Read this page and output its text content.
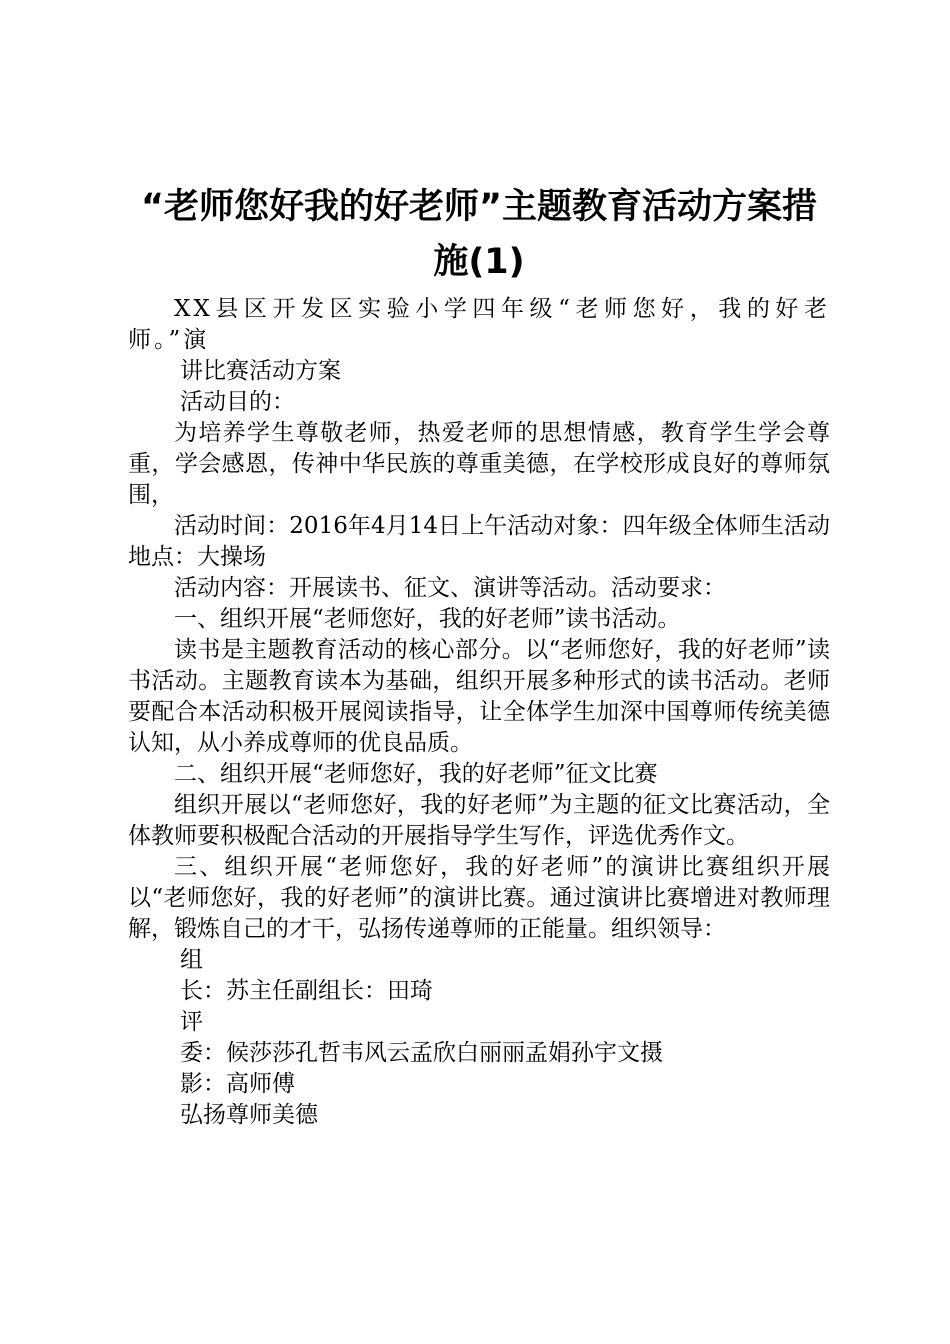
“老师您好我的好老师”主题教育活动方案措
施(1)

XX县区开发区实验小学四年级“老师您好，我的好老师。”演

讲比赛活动方案

活动目的：

为培养学生尊敬老师，热爱老师的思想情感，教育学生学会尊重，学会感恩，传神中华民族的尊重美德，在学校形成良好的尊师氛围，

活动时间：2016年4月14日上午活动对象：四年级全体师生活动地点：大操场

活动内容：开展读书、征文、演讲等活动。活动要求：

一、组织开展“老师您好，我的好老师”读书活动。

读书是主题教育活动的核心部分。以“老师您好，我的好老师”读书活动。主题教育读本为基础，组织开展多种形式的读书活动。老师要配合本活动积极开展阅读指导，让全体学生加深中国尊师传统美德认知，从小养成尊师的优良品质。

二、组织开展“老师您好，我的好老师”征文比赛

组织开展以“老师您好，我的好老师”为主题的征文比赛活动，全体教师要积极配合活动的开展指导学生写作，评选优秀作文。

三、组织开展“老师您好，我的好老师”的演讲比赛组织开展以“老师您好，我的好老师”的演讲比赛。通过演讲比赛增进对教师理解，锻炼自己的才干，弘扬传递尊师的正能量。组织领导：

组

长：苏主任副组长：田琦

评

委：候莎莎孔哲韦风云孟欣白丽丽孟娟孙宇文摄

影：高师傅

弘扬尊师美德
